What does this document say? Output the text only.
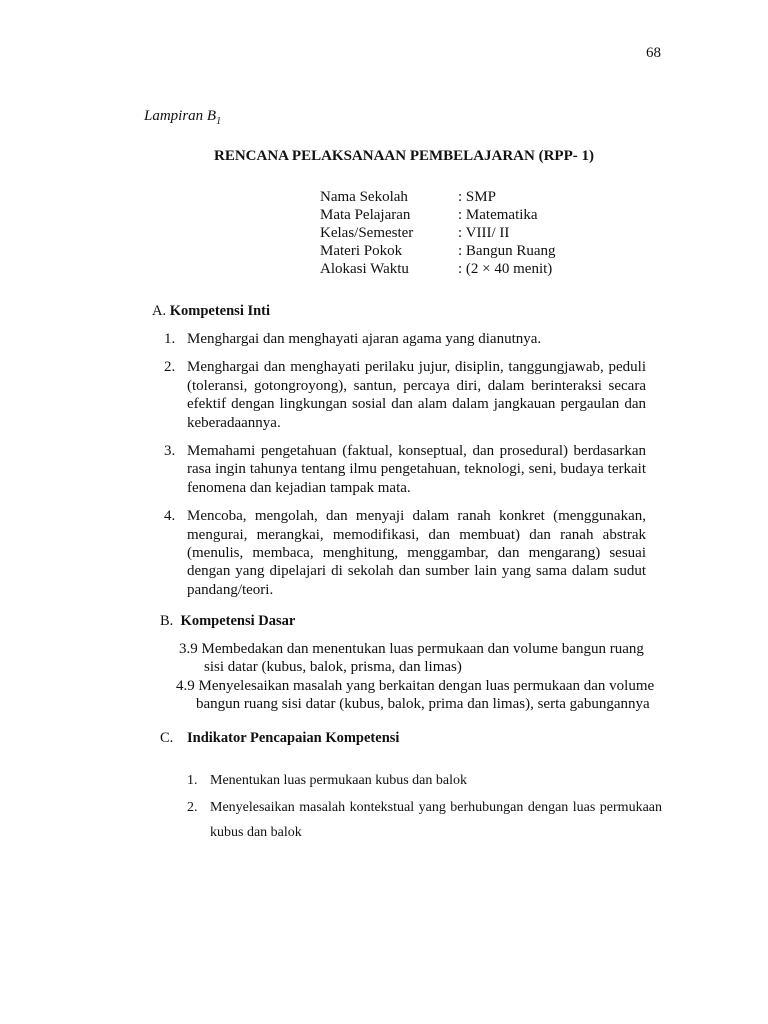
68
Lampiran $B_1$
RENCANA PELAKSANAAN PEMBELAJARAN (RPP- 1)
Nama Sekolah	: SMP
Mata Pelajaran	: Matematika
Kelas/Semester	: VIII/ II
Materi Pokok	: Bangun Ruang
Alokasi Waktu	: (2 × 40 menit)
A. Kompetensi Inti
1. Menghargai dan menghayati ajaran agama yang dianutnya.
2. Menghargai dan menghayati perilaku jujur, disiplin, tanggungjawab, peduli (toleransi, gotongroyong), santun, percaya diri, dalam berinteraksi secara efektif dengan lingkungan sosial dan alam dalam jangkauan pergaulan dan keberadaannya.
3. Memahami pengetahuan (faktual, konseptual, dan prosedural) berdasarkan rasa ingin tahunya tentang ilmu pengetahuan, teknologi, seni, budaya terkait fenomena dan kejadian tampak mata.
4. Mencoba, mengolah, dan menyaji dalam ranah konkret (menggunakan, mengurai, merangkai, memodifikasi, dan membuat) dan ranah abstrak (menulis, membaca, menghitung, menggambar, dan mengarang) sesuai dengan yang dipelajari di sekolah dan sumber lain yang sama dalam sudut pandang/teori.
B. Kompetensi Dasar
3.9 Membedakan dan menentukan luas permukaan dan volume bangun ruang
sisi datar (kubus, balok, prisma, dan limas)
4.9 Menyelesaikan masalah yang berkaitan dengan luas permukaan dan volume
bangun ruang sisi datar (kubus, balok, prima dan limas), serta gabungannya
C. Indikator Pencapaian Kompetensi
1. Menentukan luas permukaan kubus dan balok
2. Menyelesaikan masalah kontekstual yang berhubungan dengan luas permukaan kubus dan balok
